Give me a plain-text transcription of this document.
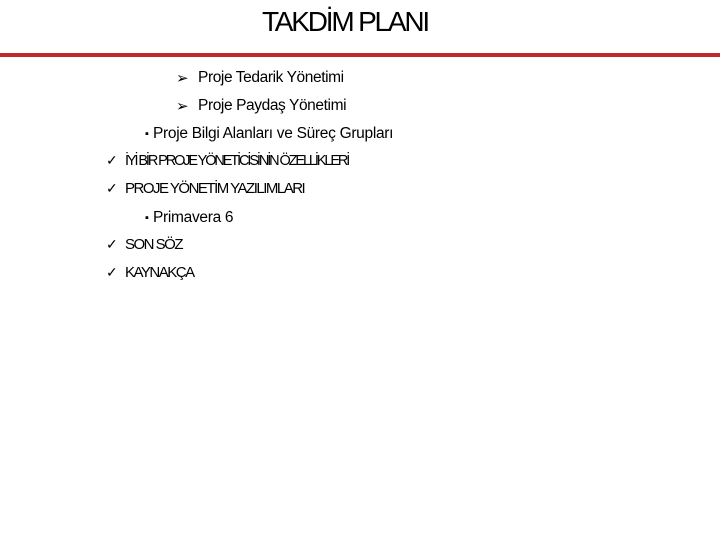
TAKDİM PLANI
➢ Proje Tedarik Yönetimi
➢ Proje Paydaş Yönetimi
▪ Proje Bilgi Alanları ve Süreç Grupları
✓ İYİ BİR PROJE YÖNETİCİSİNİN ÖZELLİKLERİ
✓ PROJE YÖNETİM YAZILIMLARI
▪ Primavera 6
✓ SON SÖZ
✓ KAYNAKÇA
